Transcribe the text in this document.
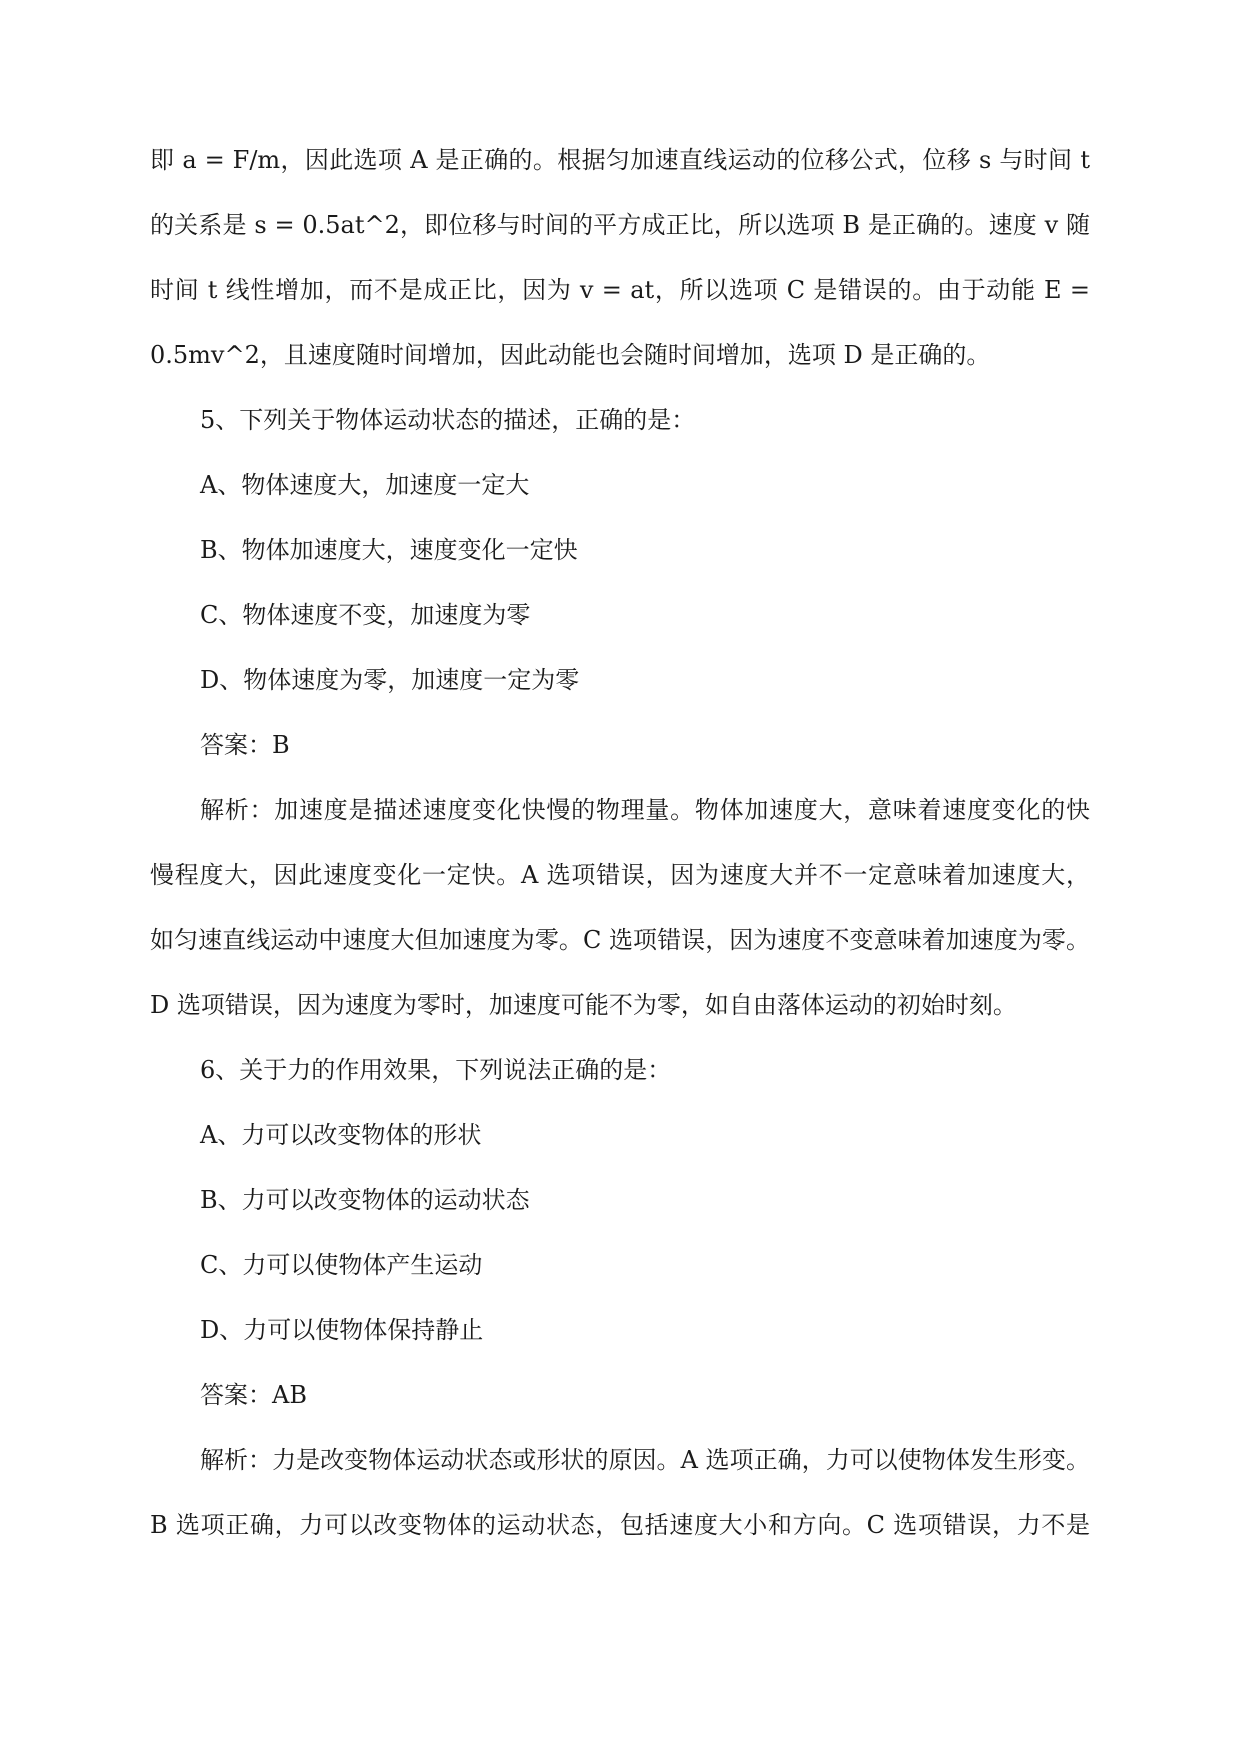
即 a = F/m，因此选项 A 是正确的。根据匀加速直线运动的位移公式，位移 s 与时间 t
的关系是 s = 0.5at^2，即位移与时间的平方成正比，所以选项 B 是正确的。速度 v 随
时间 t 线性增加，而不是成正比，因为 v = at，所以选项 C 是错误的。由于动能 E =
0.5mv^2，且速度随时间增加，因此动能也会随时间增加，选项 D 是正确的。
5、下列关于物体运动状态的描述，正确的是：
A、物体速度大，加速度一定大
B、物体加速度大，速度变化一定快
C、物体速度不变，加速度为零
D、物体速度为零，加速度一定为零
答案：B
解析：加速度是描述速度变化快慢的物理量。物体加速度大，意味着速度变化的快
慢程度大，因此速度变化一定快。A 选项错误，因为速度大并不一定意味着加速度大，
如匀速直线运动中速度大但加速度为零。C 选项错误，因为速度不变意味着加速度为零。
D 选项错误，因为速度为零时，加速度可能不为零，如自由落体运动的初始时刻。
6、关于力的作用效果，下列说法正确的是：
A、力可以改变物体的形状
B、力可以改变物体的运动状态
C、力可以使物体产生运动
D、力可以使物体保持静止
答案：AB
解析：力是改变物体运动状态或形状的原因。A 选项正确，力可以使物体发生形变。
B 选项正确，力可以改变物体的运动状态，包括速度大小和方向。C 选项错误，力不是
